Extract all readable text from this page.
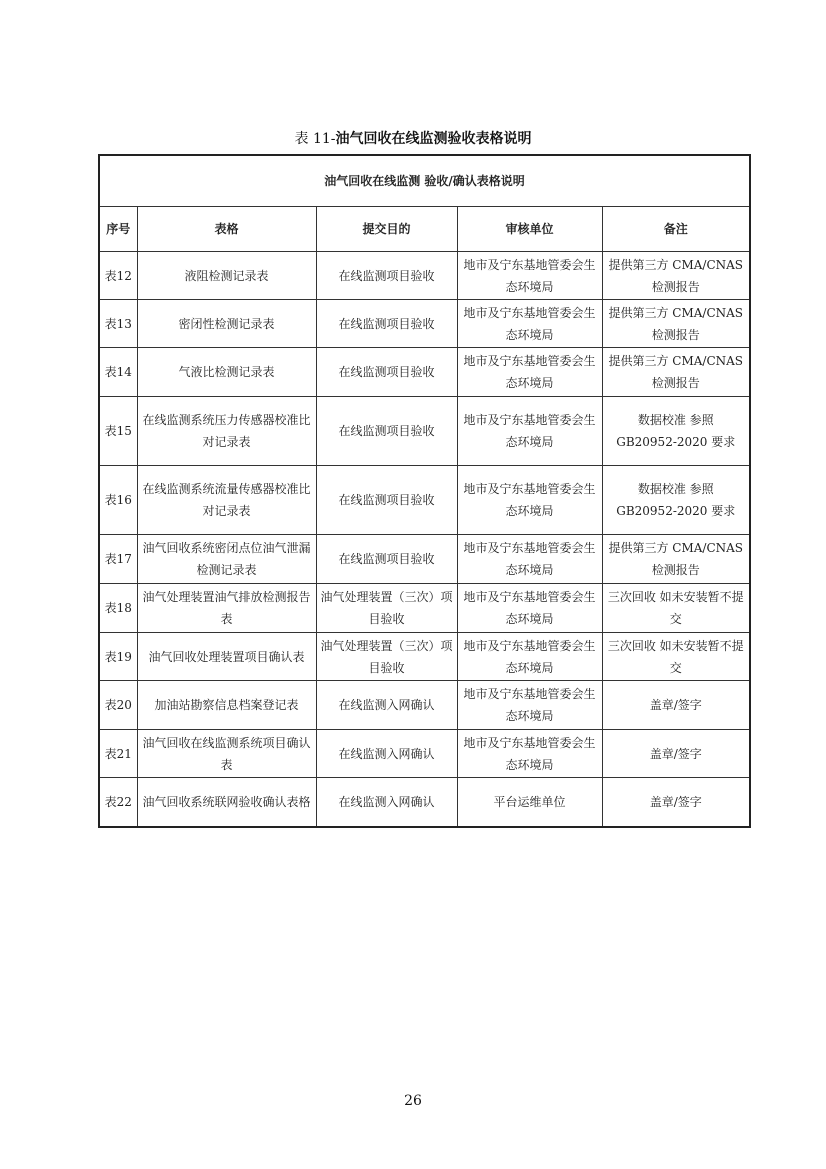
表 11-油气回收在线监测验收表格说明
油气回收在线监测 验收/确认表格说明				
序号	表格	提交目的	审核单位	备注
表12	液阻检测记录表	在线监测项目验收	地市及宁东基地管委会生态环境局	提供第三方 CMA/CNAS 检测报告
表13	密闭性检测记录表	在线监测项目验收	地市及宁东基地管委会生态环境局	提供第三方 CMA/CNAS 检测报告
表14	气液比检测记录表	在线监测项目验收	地市及宁东基地管委会生态环境局	提供第三方 CMA/CNAS 检测报告
表15	在线监测系统压力传感器校准比对记录表	在线监测项目验收	地市及宁东基地管委会生态环境局	数据校准 参照 GB20952-2020 要求
表16	在线监测系统流量传感器校准比对记录表	在线监测项目验收	地市及宁东基地管委会生态环境局	数据校准 参照 GB20952-2020 要求
表17	油气回收系统密闭点位油气泄漏检测记录表	在线监测项目验收	地市及宁东基地管委会生态环境局	提供第三方 CMA/CNAS 检测报告
表18	油气处理装置油气排放检测报告表	油气处理装置（三次）项目验收	地市及宁东基地管委会生态环境局	三次回收 如未安装暂不提交
表19	油气回收处理装置项目确认表	油气处理装置（三次）项目验收	地市及宁东基地管委会生态环境局	三次回收 如未安装暂不提交
表20	加油站勘察信息档案登记表	在线监测入网确认	地市及宁东基地管委会生态环境局	盖章/签字
表21	油气回收在线监测系统项目确认表	在线监测入网确认	地市及宁东基地管委会生态环境局	盖章/签字
表22	油气回收系统联网验收确认表格	在线监测入网确认	平台运维单位	盖章/签字
26
